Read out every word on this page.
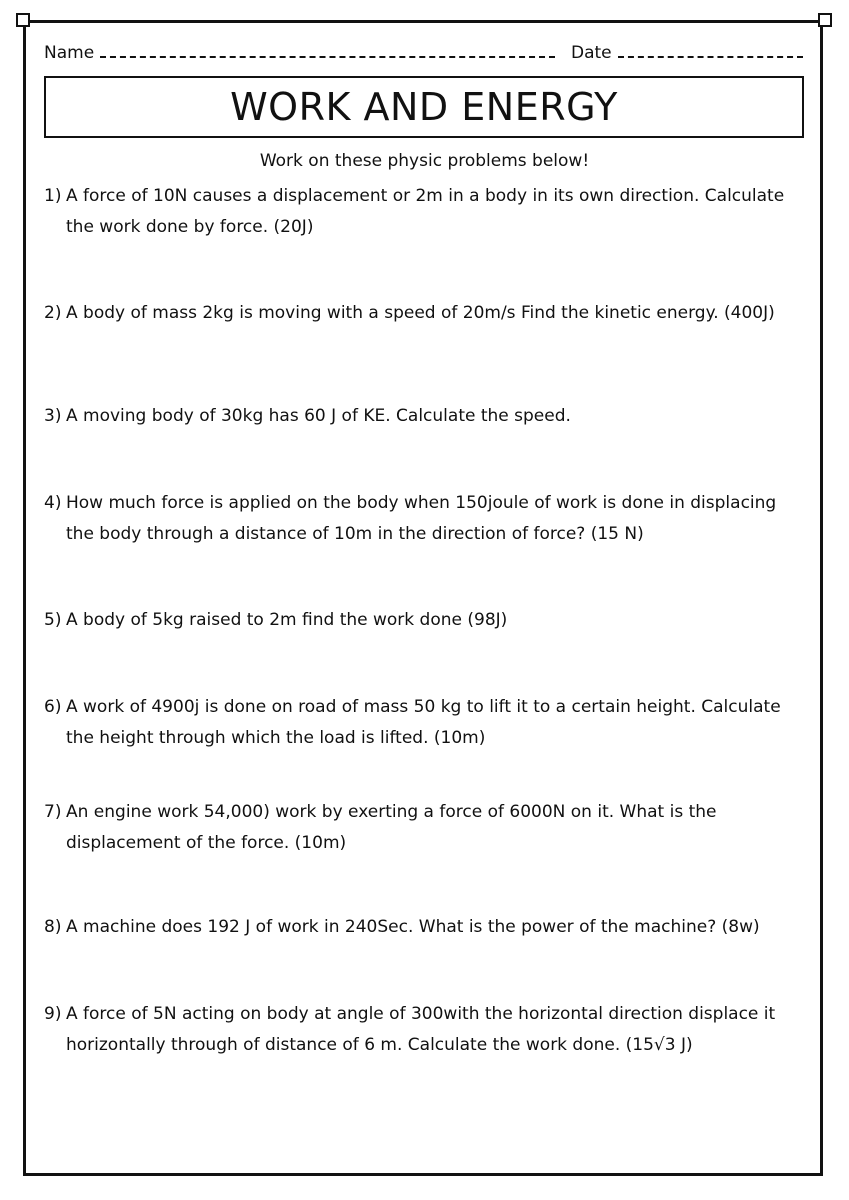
Name	Date
WORK AND ENERGY
Work on these physic problems below!
1) A force of 10N causes a displacement or 2m in a body in its own direction. Calculate the work done by force. (20J)
2) A body of mass 2kg is moving with a speed of 20m/s Find the kinetic energy. (400J)
3) A moving body of 30kg has 60 J of KE. Calculate the speed.
4) How much force is applied on the body when 150joule of work is done in displacing the body through a distance of 10m in the direction of force? (15 N)
5) A body of 5kg raised to 2m find the work done (98J)
6) A work of 4900j is done on road of mass 50 kg to lift it to a certain height. Calculate the height through which the load is lifted. (10m)
7) An engine work 54,000) work by exerting a force of 6000N on it. What is the displacement of the force. (10m)
8) A machine does 192 J of work in 240Sec. What is the power of the machine? (8w)
9) A force of 5N acting on body at angle of 300with the horizontal direction displace it horizontally through of distance of 6 m. Calculate the work done. (15√3 J)
